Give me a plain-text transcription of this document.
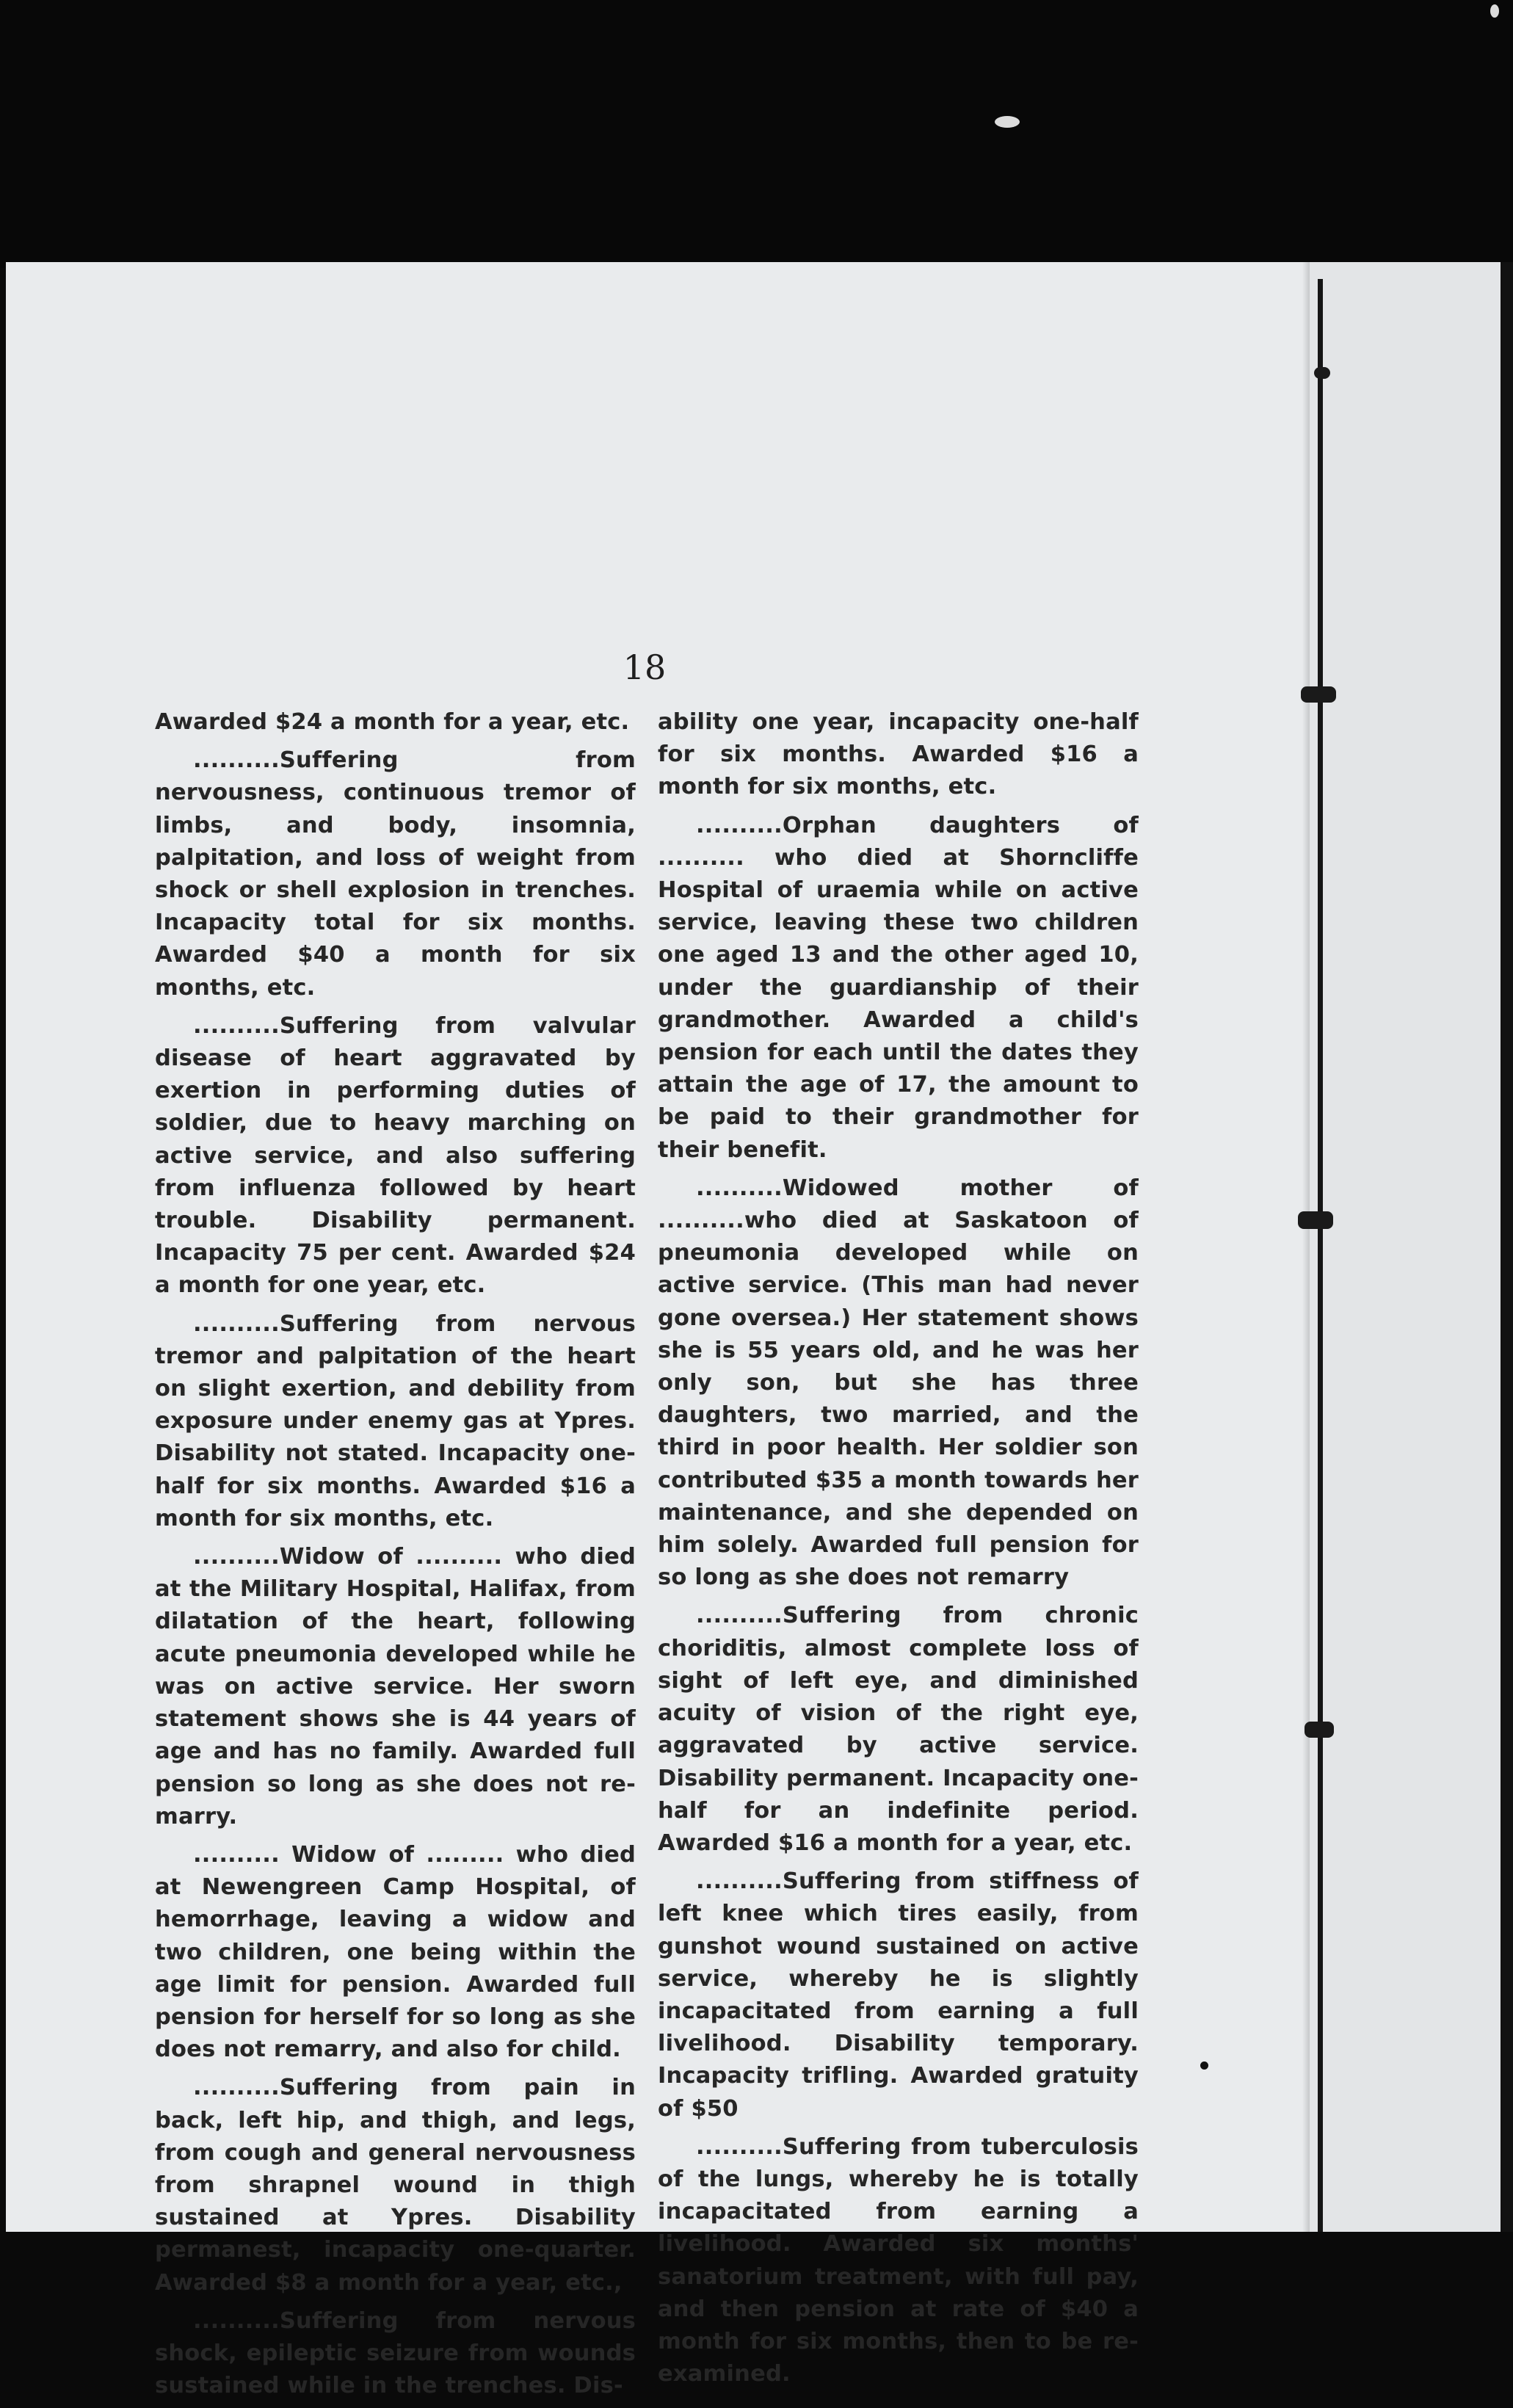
18

Awarded $24 a month for a year, etc.

..........Suffering from nervousness, continuous tremor of limbs, and body, insomnia, palpitation, and loss of weight from shock or shell explosion in trenches. Incapacity total for six months. Awarded $40 a month for six months, etc.

..........Suffering from valvular disease of heart aggravated by exertion in performing duties of soldier, due to heavy marching on active service, and also suffering from influenza followed by heart trouble. Disability permanent. Incapacity 75 per cent. Awarded $24 a month for one year, etc.

..........Suffering from nervous tremor and palpitation of the heart on slight exertion, and debility from exposure under enemy gas at Ypres. Disability not stated. Incapacity one-half for six months. Awarded $16 a month for six months, etc.

..........Widow of .......... who died at the Military Hospital, Halifax, from dilatation of the heart, following acute pneumonia developed while he was on active service. Her sworn statement shows she is 44 years of age and has no family. Awarded full pension so long as she does not re-marry.

.......... Widow of ......... who died at Newengreen Camp Hospital, of hemorrhage, leaving a widow and two children, one being within the age limit for pension. Awarded full pension for herself for so long as she does not remarry, and also for child.

..........Suffering from pain in back, left hip, and thigh, and legs, from cough and general nervousness from shrapnel wound in thigh sustained at Ypres. Disability permanest, incapacity one-quarter. Awarded $8 a month for a year, etc.,

..........Suffering from nervous shock, epileptic seizure from wounds sustained while in the trenches. Dis-

ability one year, incapacity one-half for six months. Awarded $16 a month for six months, etc.

..........Orphan daughters of .......... who died at Shorncliffe Hospital of uraemia while on active service, leaving these two children one aged 13 and the other aged 10, under the guardianship of their grandmother. Awarded a child's pension for each until the dates they attain the age of 17, the amount to be paid to their grandmother for their benefit.

..........Widowed mother of ..........who died at Saskatoon of pneumonia developed while on active service. (This man had never gone oversea.) Her statement shows she is 55 years old, and he was her only son, but she has three daughters, two married, and the third in poor health. Her soldier son contributed $35 a month towards her maintenance, and she depended on him solely. Awarded full pension for so long as she does not remarry

..........Suffering from chronic choriditis, almost complete loss of sight of left eye, and diminished acuity of vision of the right eye, aggravated by active service. Disability permanent. Incapacity one-half for an indefinite period. Awarded $16 a month for a year, etc.

..........Suffering from stiffness of left knee which tires easily, from gunshot wound sustained on active service, whereby he is slightly incapacitated from earning a full livelihood. Disability temporary. Incapacity trifling. Awarded gratuity of $50

..........Suffering from tuberculosis of the lungs, whereby he is totally incapacitated from earning a livelihood. Awarded six months' sanatorium treatment, with full pay, and then pension at rate of $40 a month for six months, then to be re-examined.
